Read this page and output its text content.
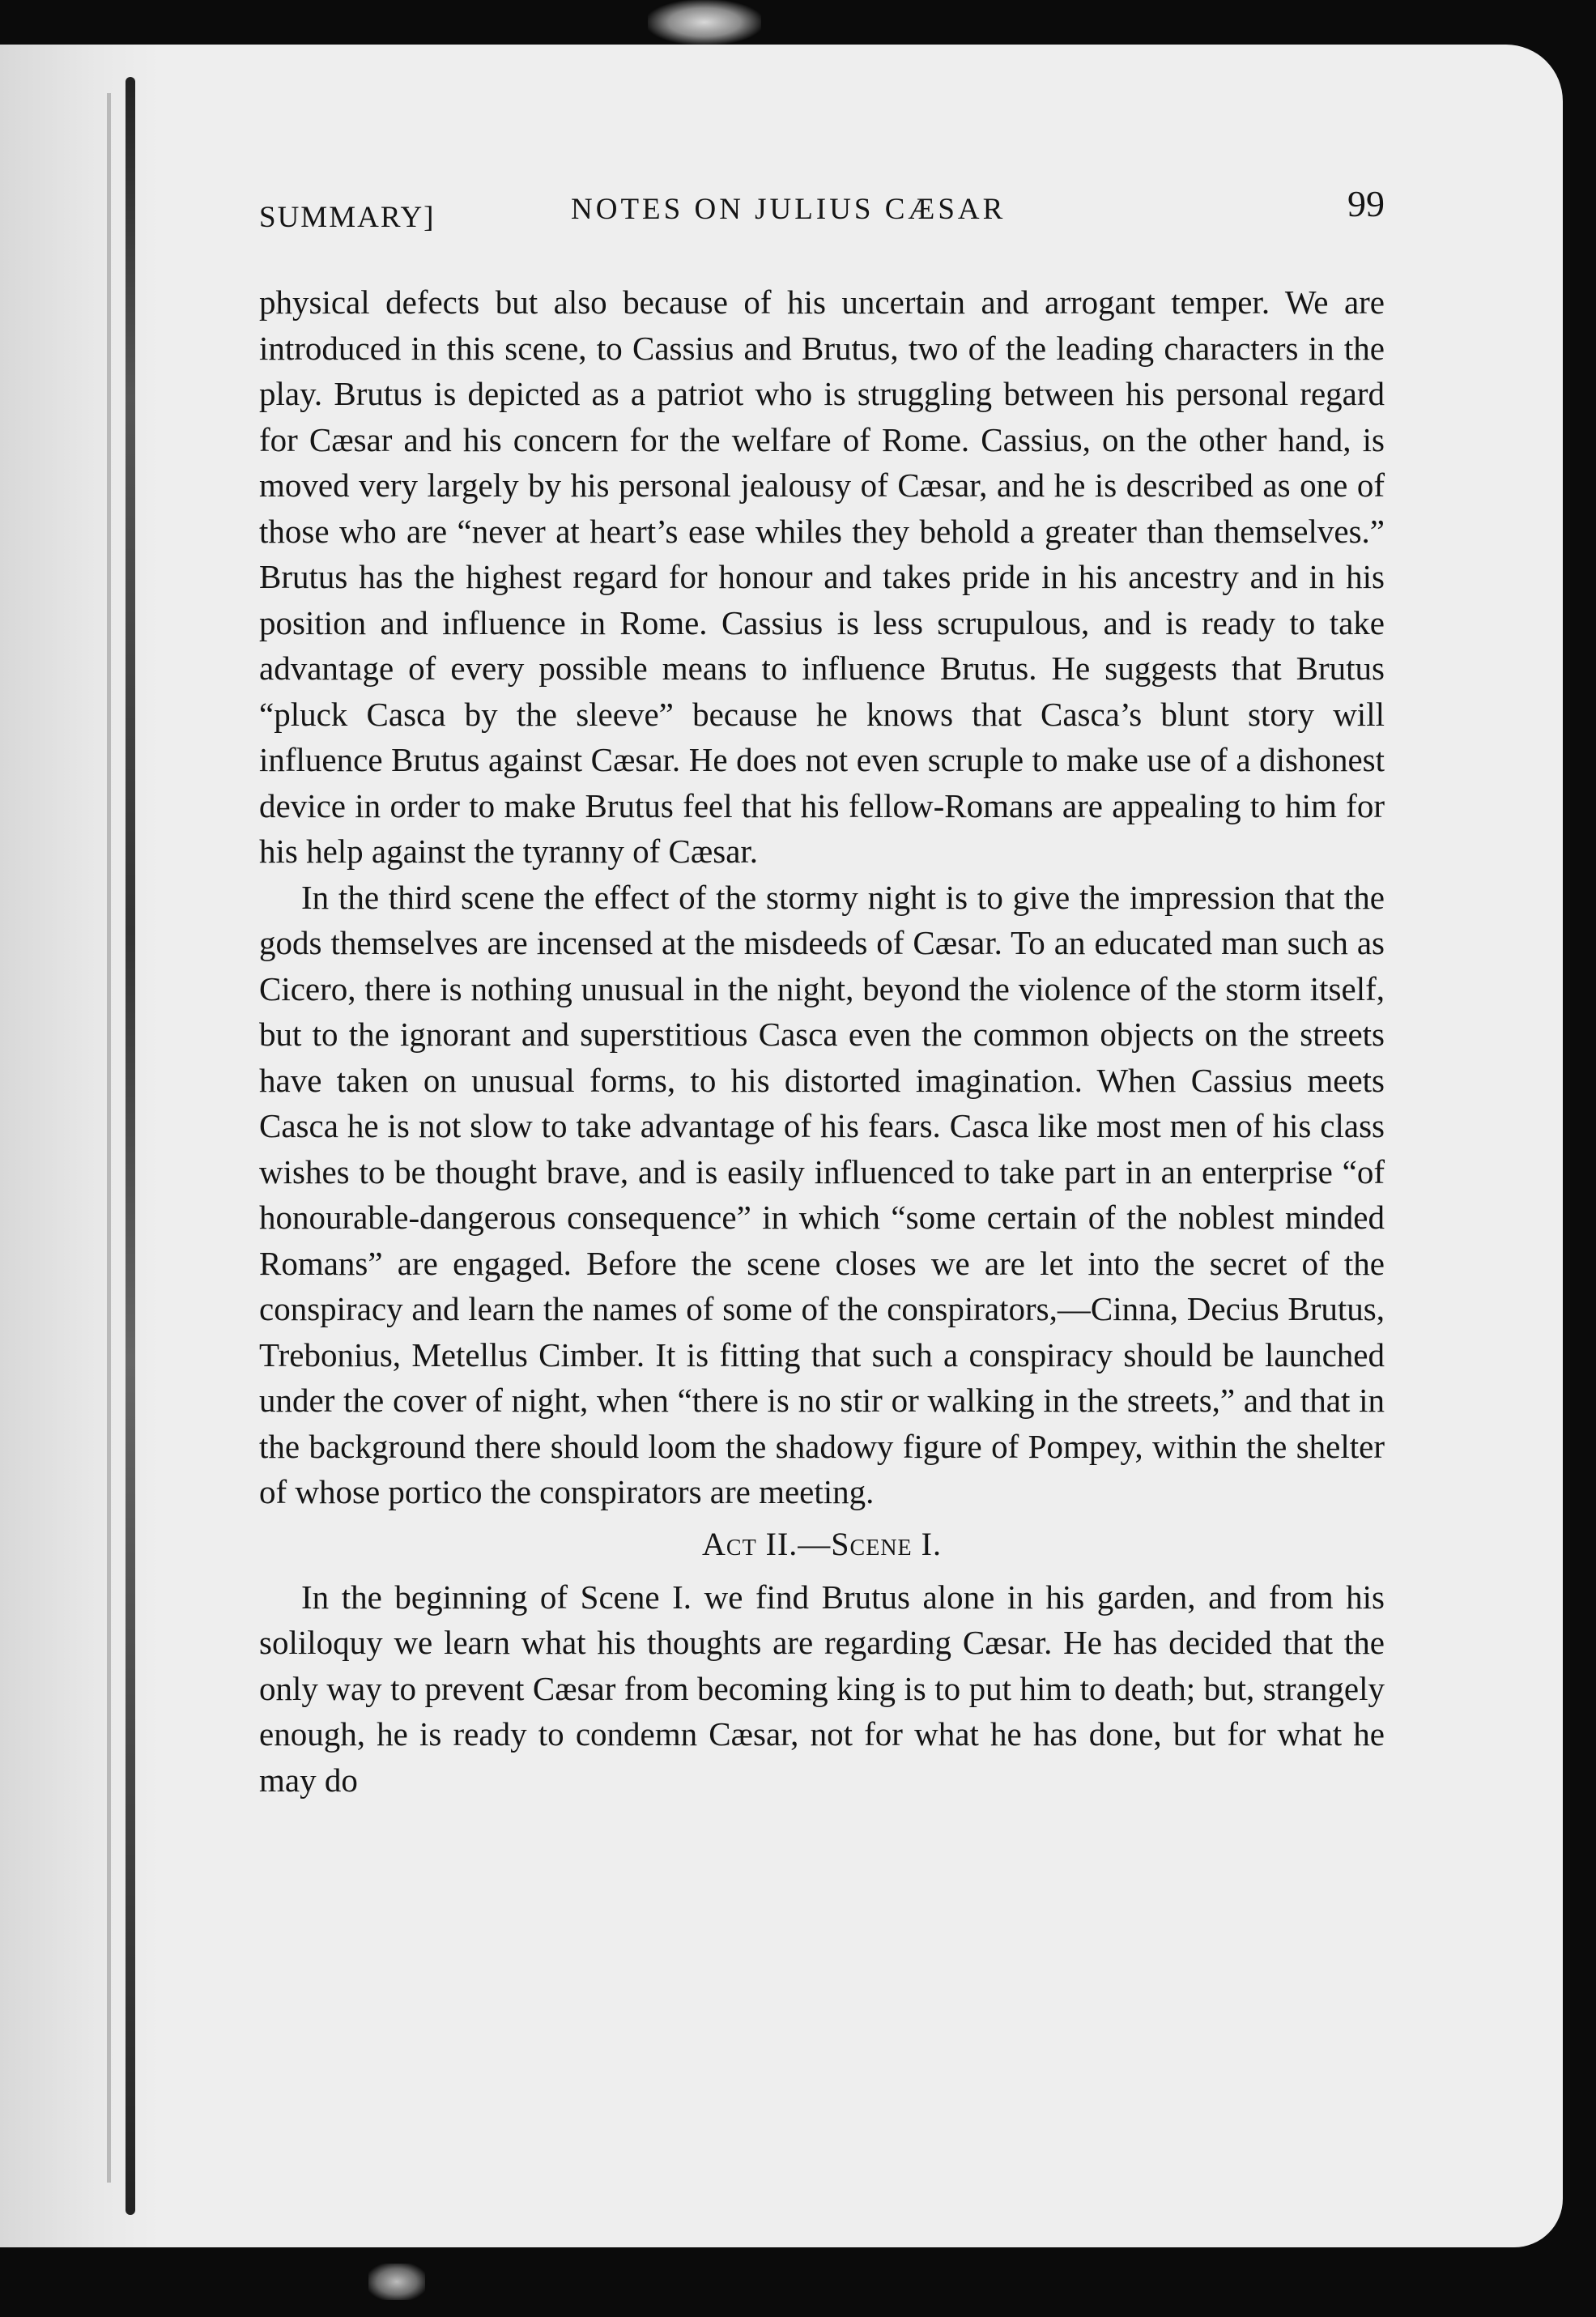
SUMMARY]	NOTES ON JULIUS CÆSAR	99

physical defects but also because of his uncertain and arrogant temper. We are introduced in this scene, to Cassius and Brutus, two of the leading characters in the play. Brutus is depicted as a patriot who is struggling between his personal regard for Cæsar and his concern for the welfare of Rome. Cassius, on the other hand, is moved very largely by his personal jealousy of Cæsar, and he is described as one of those who are “never at heart’s ease whiles they behold a greater than themselves.” Brutus has the highest regard for honour and takes pride in his ancestry and in his position and influence in Rome. Cassius is less scrupulous, and is ready to take advantage of every possible means to influence Brutus. He suggests that Brutus “pluck Casca by the sleeve” because he knows that Casca’s blunt story will influence Brutus against Cæsar. He does not even scruple to make use of a dishonest device in order to make Brutus feel that his fellow-Romans are appealing to him for his help against the tyranny of Cæsar.

In the third scene the effect of the stormy night is to give the impression that the gods themselves are incensed at the misdeeds of Cæsar. To an educated man such as Cicero, there is nothing unusual in the night, beyond the violence of the storm itself, but to the ignorant and superstitious Casca even the common objects on the streets have taken on unusual forms, to his distorted imagination. When Cassius meets Casca he is not slow to take advantage of his fears. Casca like most men of his class wishes to be thought brave, and is easily influenced to take part in an enterprise “of honourable-dangerous consequence” in which “some certain of the noblest minded Romans” are engaged. Before the scene closes we are let into the secret of the conspiracy and learn the names of some of the conspirators,—Cinna, Decius Brutus, Trebonius, Metellus Cimber. It is fitting that such a conspiracy should be launched under the cover of night, when “there is no stir or walking in the streets,” and that in the background there should loom the shadowy figure of Pompey, within the shelter of whose portico the conspirators are meeting.

Act II.—Scene I.

In the beginning of Scene I. we find Brutus alone in his garden, and from his soliloquy we learn what his thoughts are regarding Cæsar. He has decided that the only way to prevent Cæsar from becoming king is to put him to death; but, strangely enough, he is ready to condemn Cæsar, not for what he has done, but for what he may do
